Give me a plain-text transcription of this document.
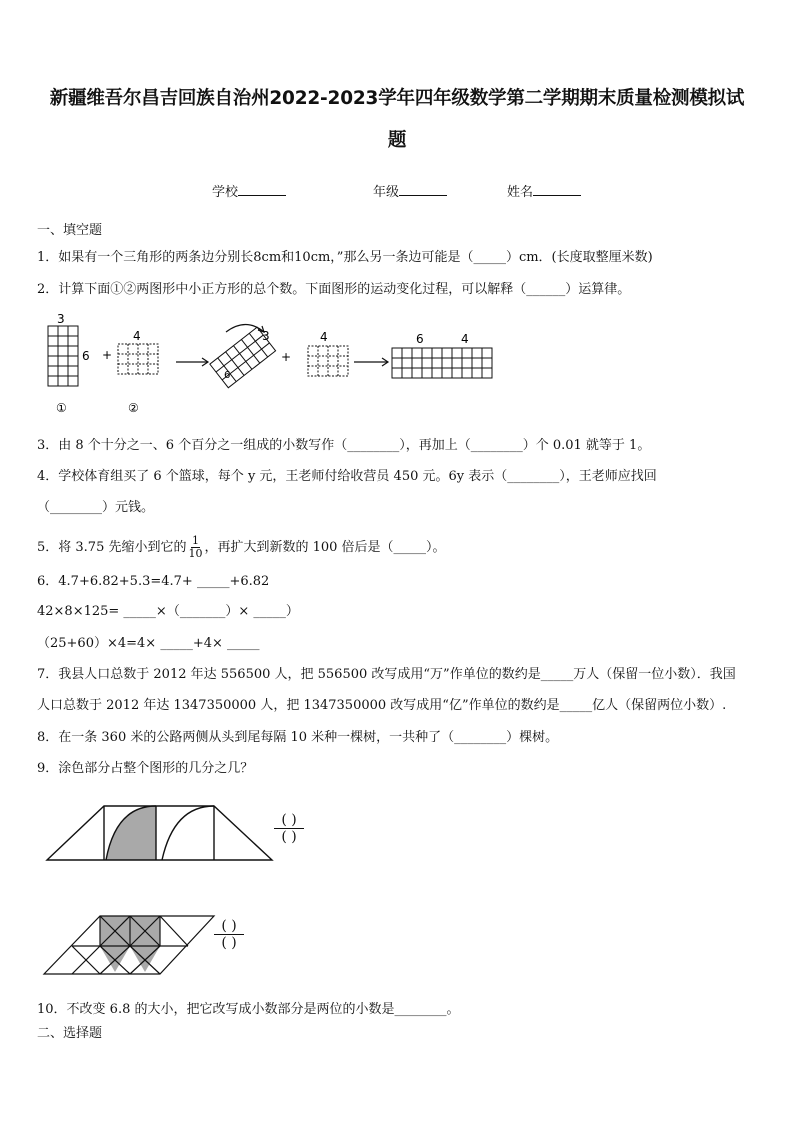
新疆维吾尔昌吉回族自治州2022-2023学年四年级数学第二学期期末质量检测模拟试
题
学校	年级	姓名
一、填空题
1．如果有一个三角形的两条边分别长8cm和10cm，”那么另一条边可能是（_____）cm．(长度取整厘米数)
2．计算下面①②两图形中小正方形的总个数。下面图形的运动变化过程，可以解释（______）运算律。
3
6
①
+
4
②
3
6
+
4	6	4
3．由 8 个十分之一、6 个百分之一组成的小数写作（________），再加上（________）个 0.01 就等于 1。
4．学校体育组买了 6 个篮球，每个 y 元，王老师付给收营员 450 元。6y 表示（________），王老师应找回
（________）元钱。
5．将 3.75 先缩小到它的 $\frac{1}{10}$ ，再扩大到新数的 100 倍后是（_____）。
6．4.7+6.82+5.3=4.7+ _____+6.82
42×8×125= _____×（_______）× _____）
（25+60）×4=4× _____+4× _____
7．我县人口总数于 2012 年达 556500 人，把 556500 改写成用“万”作单位的数约是_____万人（保留一位小数）．我国
人口总数于 2012 年达 1347350000 人，把 1347350000 改写成用“亿”作单位的数约是_____亿人（保留两位小数）.
8．在一条 360 米的公路两侧从头到尾每隔 10 米种一棵树，一共种了（________）棵树。
9．涂色部分占整个图形的几分之几？
( )
( )
( )
( )
10．不改变 6.8 的大小，把它改写成小数部分是两位的小数是________。
二、选择题
